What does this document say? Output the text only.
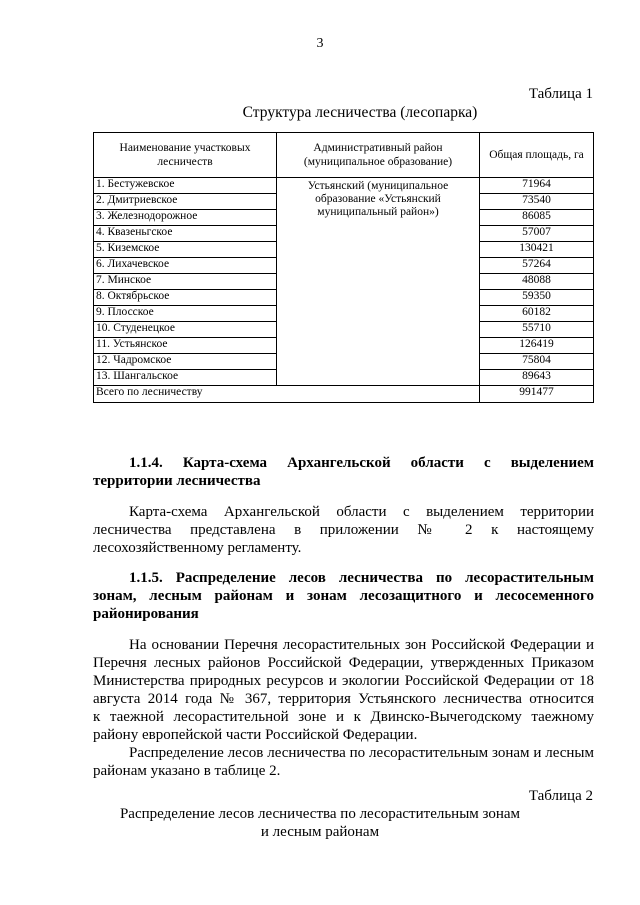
3
Таблица 1
Структура лесничества (лесопарка)
Наименование участковых лесничеств	Административный район (муниципальное образование)	Общая площадь, га
1. Бестужевское	Устьянский (муниципальное образование «Устьянский муниципальный район»)	71964
2. Дмитриевское		73540
3. Железнодорожное		86085
4. Квазеньгское		57007
5. Киземское		130421
6. Лихачевское		57264
7. Минское		48088
8. Октябрьское		59350
9. Плосское		60182
10. Студенецкое		55710
11. Устьянское		126419
12. Чадромское		75804
13. Шангальское		89643
Всего по лесничеству		991477
1.1.4. Карта-схема Архангельской области с выделением
территории лесничества
Карта-схема Архангельской области с выделением территории
лесничества представлена в приложении № 2 к настоящему
лесохозяйственному регламенту.
1.1.5. Распределение лесов лесничества по лесорастительным
зонам, лесным районам и зонам лесозащитного и лесосеменного
районирования
На основании Перечня лесорастительных зон Российской Федерации и
Перечня лесных районов Российской Федерации, утвержденных Приказом
Министерства природных ресурсов и экологии Российской Федерации от 18
августа 2014 года № 367, территория Устьянского лесничества относится
к таежной лесорастительной зоне и к Двинско-Вычегодскому таежному
району европейской части Российской Федерации.
Распределение лесов лесничества по лесорастительным зонам и лесным
районам указано в таблице 2.
Таблица 2
Распределение лесов лесничества по лесорастительным зонам
и лесным районам
